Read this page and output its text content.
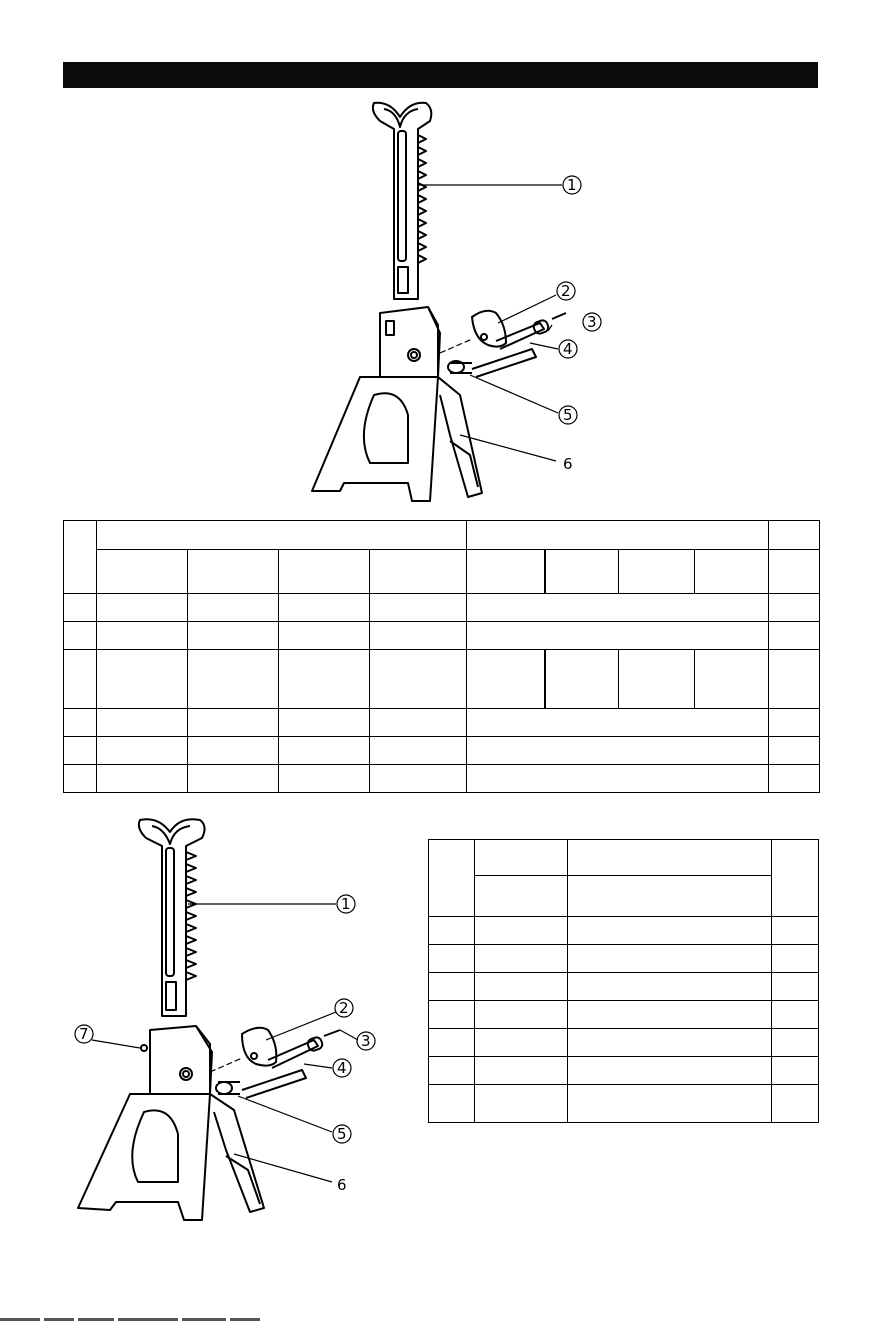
1
2
3
4
5
6

1
2
3
4
5
6
7
